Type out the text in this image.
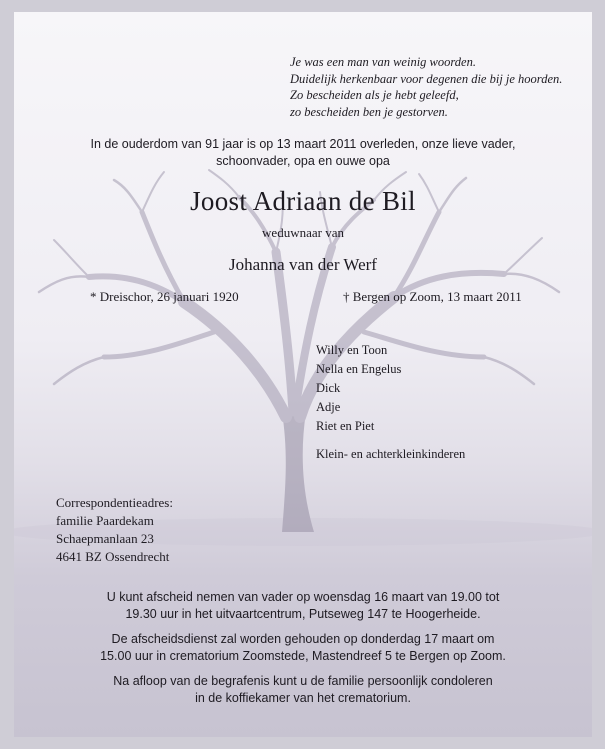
Je was een man van weinig woorden.
Duidelijk herkenbaar voor degenen die bij je hoorden.
Zo bescheiden als je hebt geleefd,
zo bescheiden ben je gestorven.
In de ouderdom van 91 jaar is op 13 maart 2011 overleden, onze lieve vader,
schoonvader, opa en ouwe opa
Joost Adriaan de Bil
weduwnaar van
Johanna van der Werf
* Dreischor, 26 januari 1920	† Bergen op Zoom, 13 maart 2011
Willy en Toon
Nella en Engelus
Dick
Adje
Riet en Piet
Klein- en achterkleinkinderen
Correspondentieadres:
familie Paardekam
Schaepmanlaan 23
4641 BZ Ossendrecht

U kunt afscheid nemen van vader op woensdag 16 maart van 19.00 tot
19.30 uur in het uitvaartcentrum, Putseweg 147 te Hoogerheide.

De afscheidsdienst zal worden gehouden op donderdag 17 maart om
15.00 uur in crematorium Zoomstede, Mastendreef 5 te Bergen op Zoom.

Na afloop van de begrafenis kunt u de familie persoonlijk condoleren
in de koffiekamer van het crematorium.
